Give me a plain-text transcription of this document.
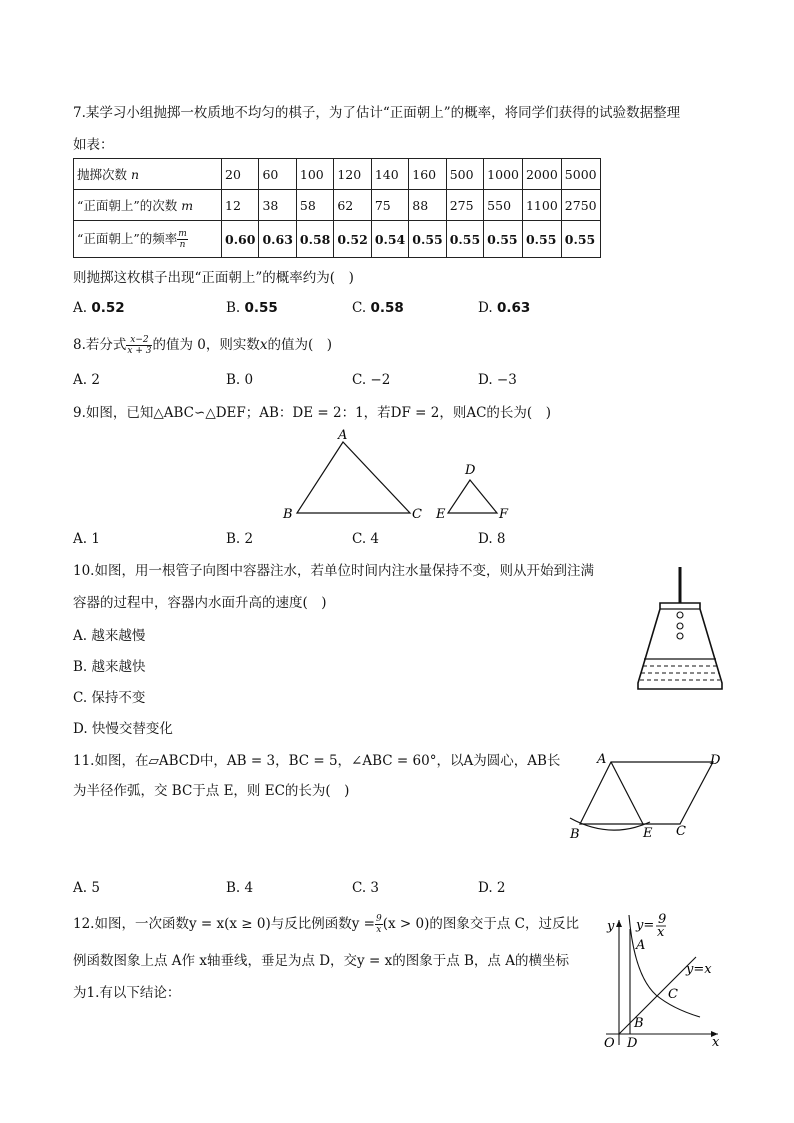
7.某学习小组抛掷一枚质地不均匀的棋子，为了估计“正面朝上”的概率，将同学们获得的试验数据整理
如表：
抛掷次数 n	20	60	100	120	140	160	500	1000	2000	5000
“正面朝上”的次数 m	12	38	58	62	75	88	275	550	1100	2750
“正面朝上”的频率 $\frac{m}{n}$	0.60	0.63	0.58	0.52	0.54	0.55	0.55	0.55	0.55	0.55
则抛掷这枚棋子出现“正面朝上”的概率约为(　)
A. 0.52	B. 0.55	C. 0.58	D. 0.63
8.若分式 $\frac{x-2}{x + 3}$ 的值为 0，则实数x的值为(　)
A. 2	B. 0	C. −2	D. −3
9.如图，已知△ABC∽△DEF；AB：DE = 2：1，若DF = 2，则AC的长为(　)
A
B	C
D
E	F
A. 1	B. 2	C. 4	D. 8
10.如图，用一根管子向图中容器注水，若单位时间内注水量保持不变，则从开始到注满
容器的过程中，容器内水面升高的速度(　)
A. 越来越慢
B. 越来越快
C. 保持不变
D. 快慢交替变化
11.如图，在▱ABCD中，AB = 3，BC = 5，∠ABC = 60°，以A为圆心，AB长
为半径作弧，交 BC于点 E，则 EC的长为(　)
A
B	C
D
E
A. 5	B. 4	C. 3	D. 2
12.如图，一次函数y = x(x ≥ 0)与反比例函数$y = \frac{9}{x} (x > 0)$的图象交于点 C，过反比
例函数图象上点 A作 x轴垂线，垂足为点 D，交y = x的图象于点 B，点 A的横坐标
为1.有以下结论：
y
x
O
y= 9
x
y=x
A
B
C
D
